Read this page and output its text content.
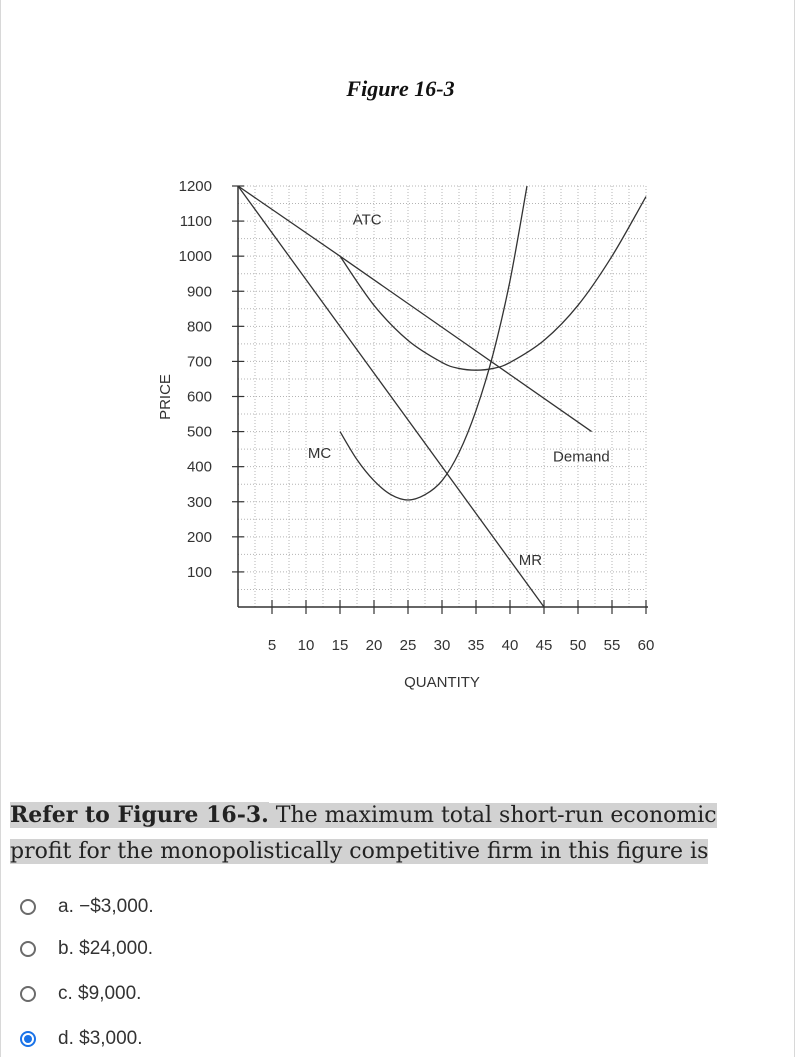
Figure 16-3
5 10 15 20 25 30 35 40 45 50 55 60
100
200
300
400
500
600
700
800
900
1000
1100
1200
QUANTITY
PRICE
Demand
MR
ATC
MC
Refer to Figure 16-3. The maximum total short-run economic profit for the monopolistically competitive firm in this figure is
a. −$3,000.
b. $24,000.
c. $9,000.
d. $3,000.
